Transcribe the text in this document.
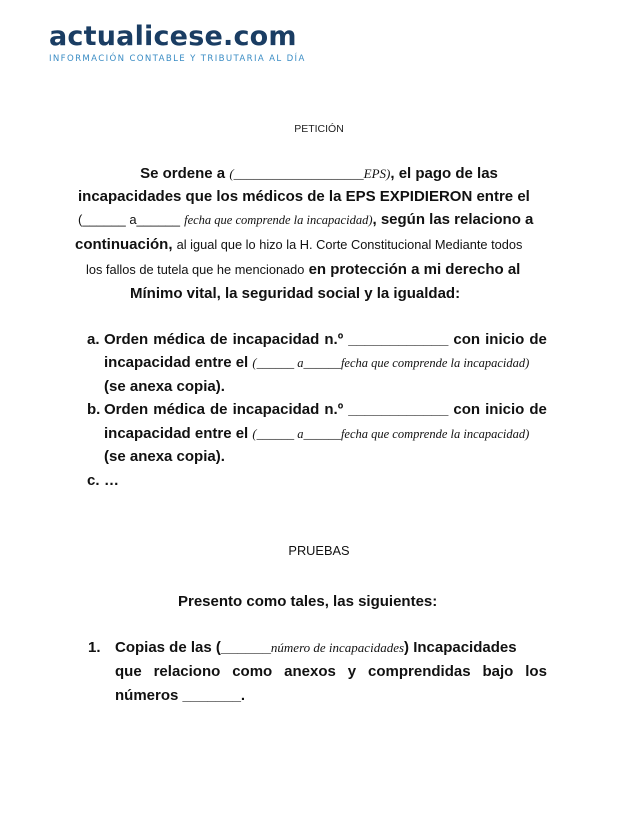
actualicese.com
INFORMACIÓN CONTABLE Y TRIBUTARIA AL DÍA
PETICIÓN
Se ordene a (____________________EPS), el pago de las
incapacidades que los médicos de la EPS EXPIDIERON entre el
(______ a______ fecha que comprende la incapacidad), según las relaciono a
continuación, al igual que lo hizo la H. Corte Constitucional Mediante todos
los fallos de tutela que he mencionado en protección a mi derecho al
Mínimo vital, la seguridad social y la igualdad:
a. Orden médica de incapacidad n.º ____________ con inicio de
incapacidad entre el (______ a______fecha que comprende la incapacidad)
(se anexa copia).
b. Orden médica de incapacidad n.º ____________ con inicio de
incapacidad entre el (______ a______fecha que comprende la incapacidad)
(se anexa copia).
c. …
PRUEBAS
Presento como tales, las siguientes:
1. Copias de las (______número de incapacidades) Incapacidades
que relaciono como anexos y comprendidas bajo los
números _______.
